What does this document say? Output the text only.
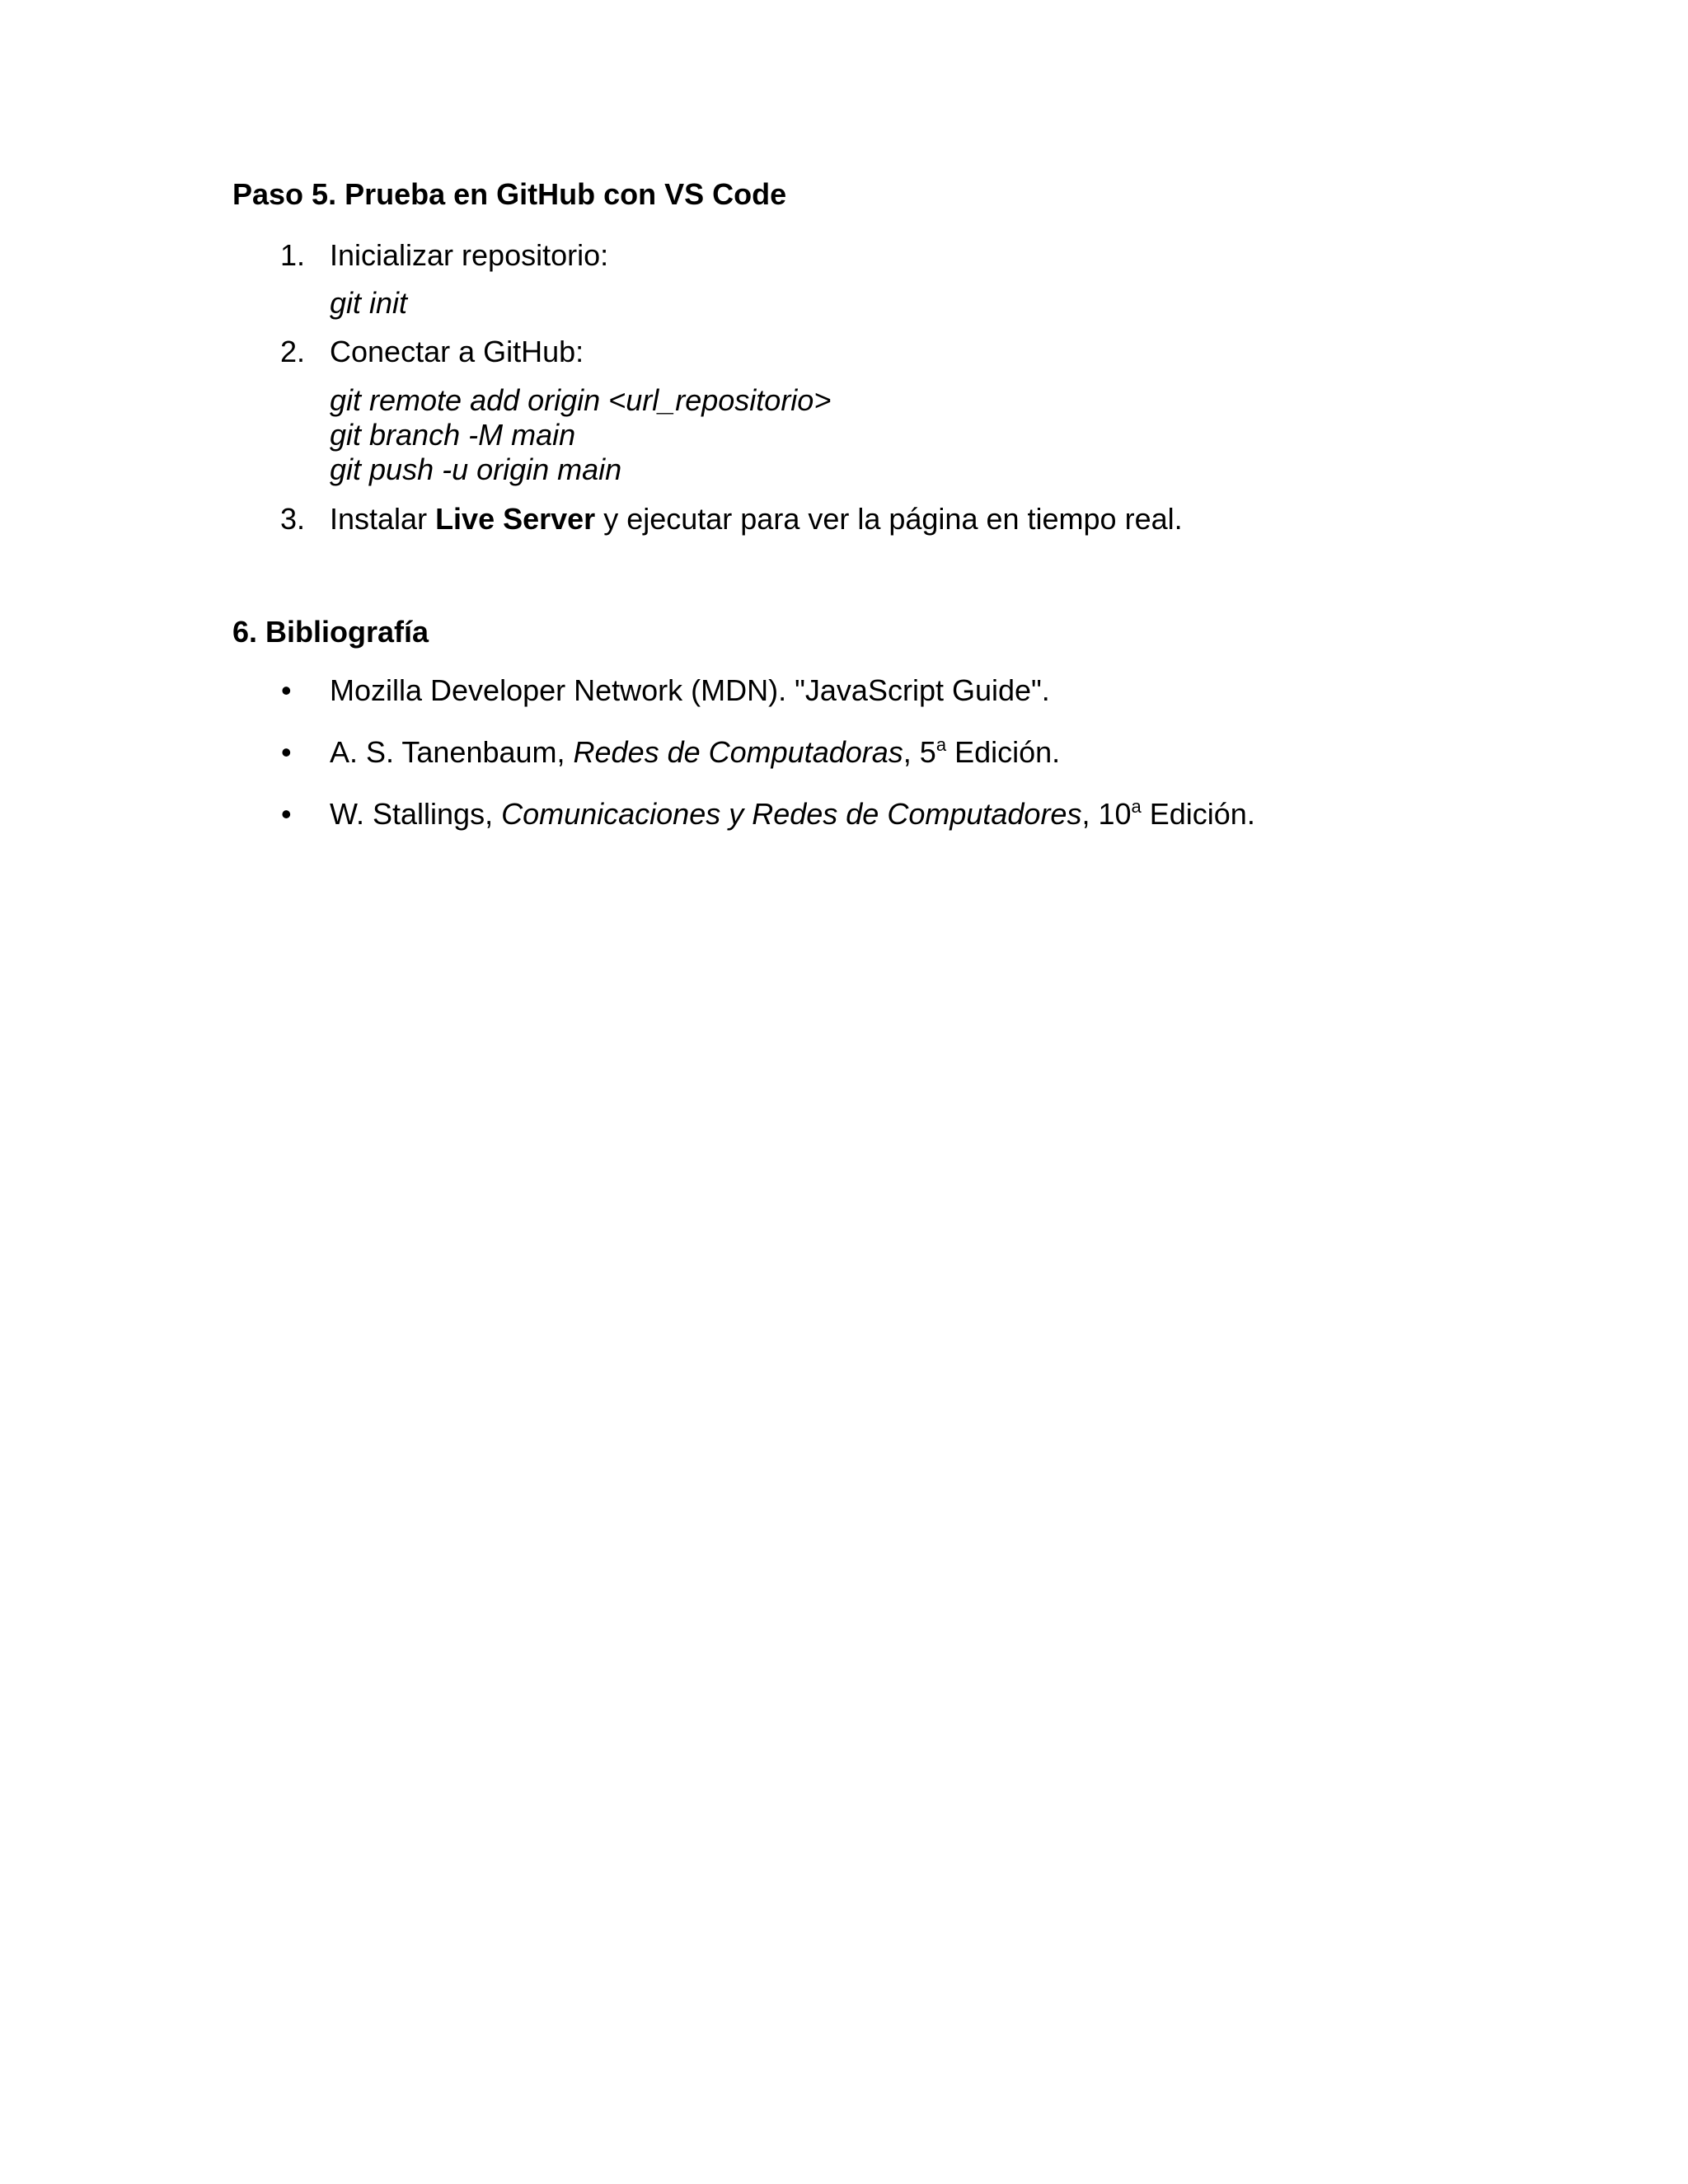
Paso 5. Prueba en GitHub con VS Code
1. Inicializar repositorio:
git init
2. Conectar a GitHub:
git remote add origin <url_repositorio>
git branch -M main
git push -u origin main
3. Instalar Live Server y ejecutar para ver la página en tiempo real.
6. Bibliografía
• Mozilla Developer Network (MDN). "JavaScript Guide".
• A. S. Tanenbaum, Redes de Computadoras, 5$^a$ Edición.
• W. Stallings, Comunicaciones y Redes de Computadores, 10$^a$ Edición.
